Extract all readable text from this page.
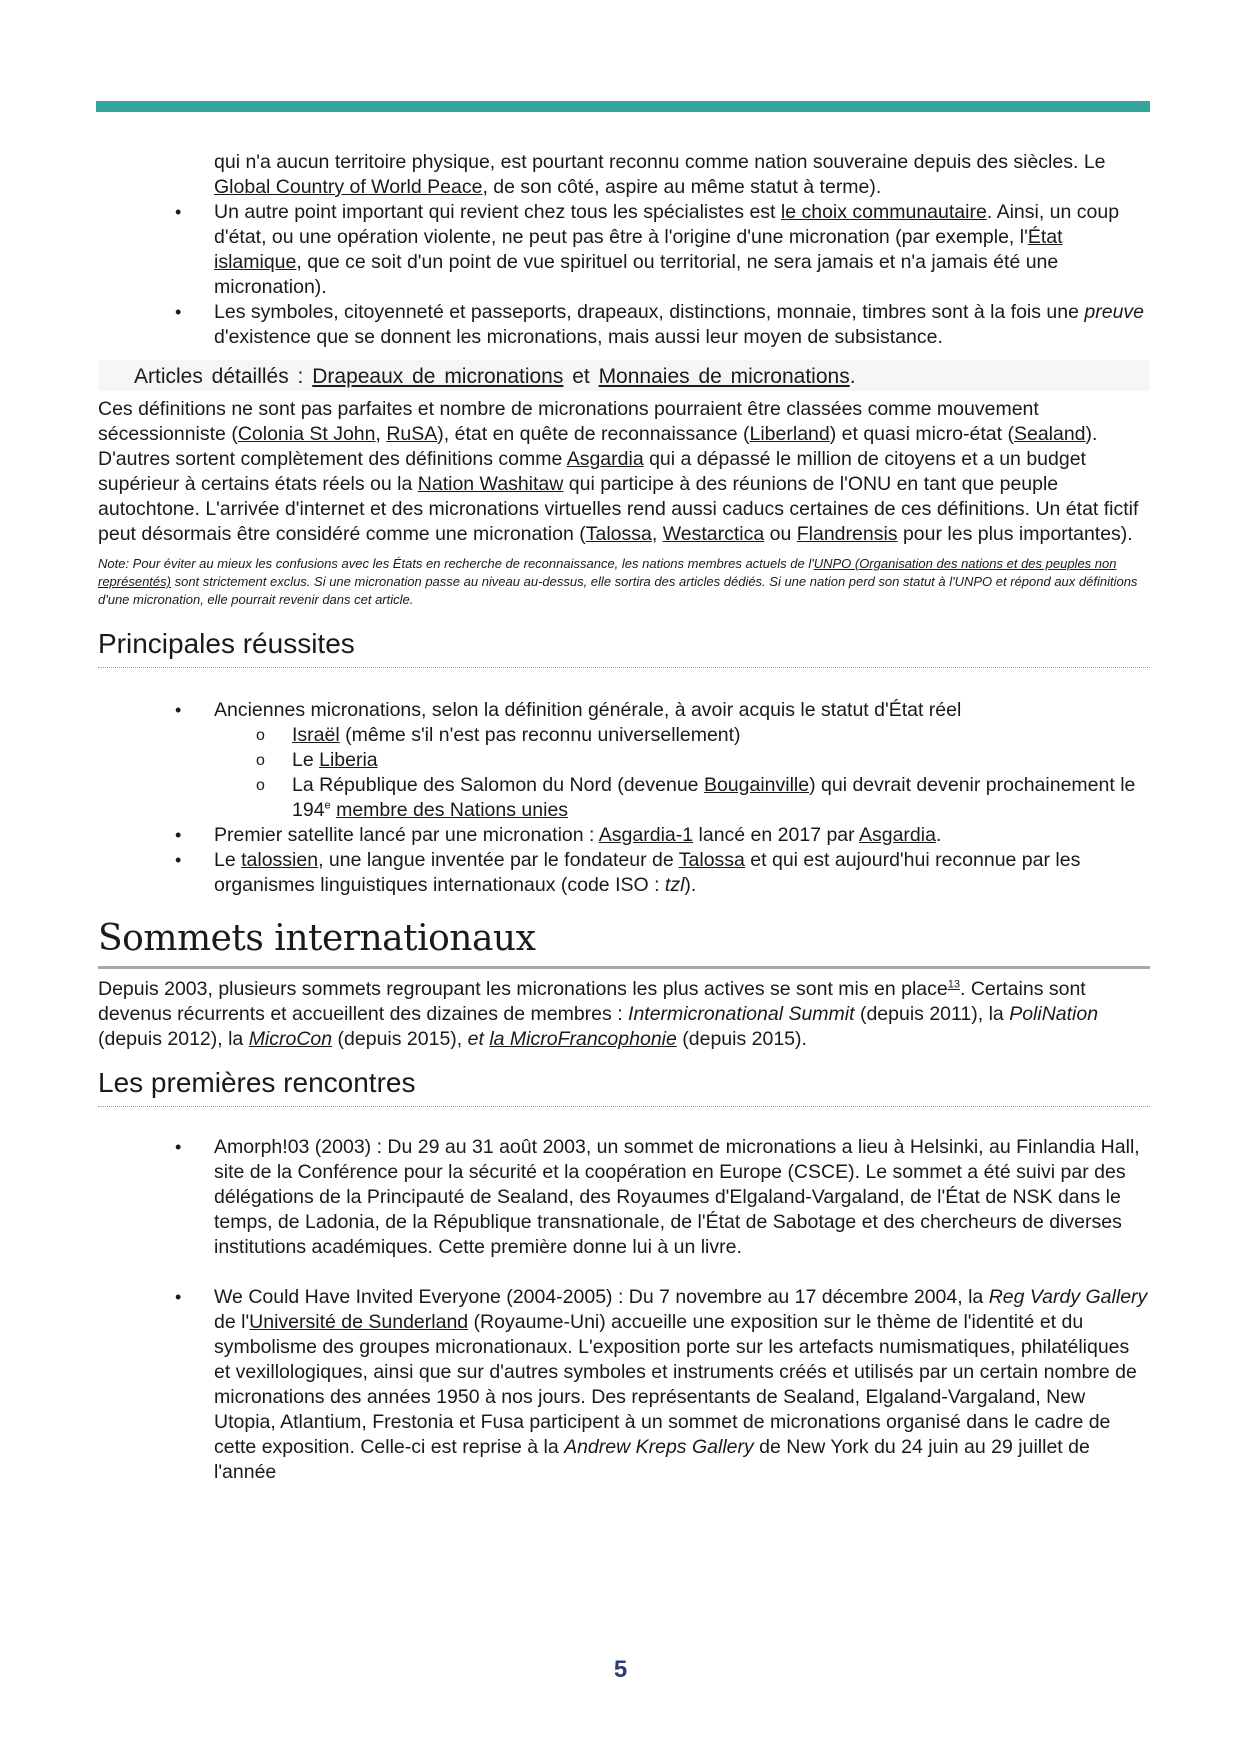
qui n'a aucun territoire physique, est pourtant reconnu comme nation souveraine depuis des siècles. Le Global Country of World Peace, de son côté, aspire au même statut à terme).
• Un autre point important qui revient chez tous les spécialistes est le choix communautaire. Ainsi, un coup d'état, ou une opération violente, ne peut pas être à l'origine d'une micronation (par exemple, l'État islamique, que ce soit d'un point de vue spirituel ou territorial, ne sera jamais et n'a jamais été une micronation).
• Les symboles, citoyenneté et passeports, drapeaux, distinctions, monnaie, timbres sont à la fois une preuve d'existence que se donnent les micronations, mais aussi leur moyen de subsistance.
Articles détaillés : Drapeaux de micronations et Monnaies de micronations.

Ces définitions ne sont pas parfaites et nombre de micronations pourraient être classées comme mouvement sécessionniste (Colonia St John, RuSA), état en quête de reconnaissance (Liberland) et quasi micro-état (Sealand). D'autres sortent complètement des définitions comme Asgardia qui a dépassé le million de citoyens et a un budget supérieur à certains états réels ou la Nation Washitaw qui participe à des réunions de l'ONU en tant que peuple autochtone. L'arrivée d'internet et des micronations virtuelles rend aussi caducs certaines de ces définitions. Un état fictif peut désormais être considéré comme une micronation (Talossa, Westarctica ou Flandrensis pour les plus importantes).

Note: Pour éviter au mieux les confusions avec les États en recherche de reconnaissance, les nations membres actuels de l'UNPO (Organisation des nations et des peuples non représentés) sont strictement exclus. Si une micronation passe au niveau au-dessus, elle sortira des articles dédiés. Si une nation perd son statut à l'UNPO et répond aux définitions d'une micronation, elle pourrait revenir dans cet article.

Principales réussites
• Anciennes micronations, selon la définition générale, à avoir acquis le statut d'État réel
o Israël (même s'il n'est pas reconnu universellement)
o Le Liberia
o La République des Salomon du Nord (devenue Bougainville) qui devrait devenir prochainement le 194e membre des Nations unies
• Premier satellite lancé par une micronation : Asgardia-1 lancé en 2017 par Asgardia.
• Le talossien, une langue inventée par le fondateur de Talossa et qui est aujourd'hui reconnue par les organismes linguistiques internationaux (code ISO : tzl).
Sommets internationaux

Depuis 2003, plusieurs sommets regroupant les micronations les plus actives se sont mis en place$^{13}$. Certains sont devenus récurrents et accueillent des dizaines de membres : Intermicronational Summit (depuis 2011), la PoliNation (depuis 2012), la MicroCon (depuis 2015), et la MicroFrancophonie (depuis 2015).

Les premières rencontres
• Amorph!03 (2003) : Du 29 au 31 août 2003, un sommet de micronations a lieu à Helsinki, au Finlandia Hall, site de la Conférence pour la sécurité et la coopération en Europe (CSCE). Le sommet a été suivi par des délégations de la Principauté de Sealand, des Royaumes d'Elgaland-Vargaland, de l'État de NSK dans le temps, de Ladonia, de la République transnationale, de l'État de Sabotage et des chercheurs de diverses institutions académiques. Cette première donne lui à un livre.
• We Could Have Invited Everyone (2004-2005) : Du 7 novembre au 17 décembre 2004, la Reg Vardy Gallery de l'Université de Sunderland (Royaume-Uni) accueille une exposition sur le thème de l'identité et du symbolisme des groupes micronationaux. L'exposition porte sur les artefacts numismatiques, philatéliques et vexillologiques, ainsi que sur d'autres symboles et instruments créés et utilisés par un certain nombre de micronations des années 1950 à nos jours. Des représentants de Sealand, Elgaland-Vargaland, New Utopia, Atlantium, Frestonia et Fusa participent à un sommet de micronations organisé dans le cadre de cette exposition. Celle-ci est reprise à la Andrew Kreps Gallery de New York du 24 juin au 29 juillet de l'année
5
